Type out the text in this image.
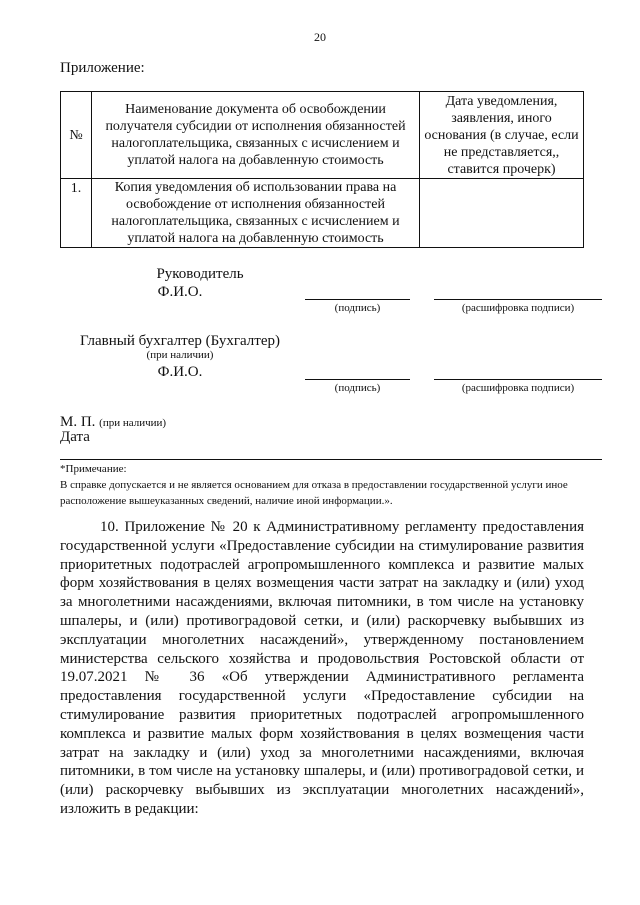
20
Приложение:
№	Наименование документа об освобождении получателя субсидии от исполнения обязанностей налогоплательщика, связанных с исчислением и уплатой налога на добавленную стоимость	Дата уведомления, заявления, иного основания (в случае, если не представляется,, ставится прочерк)
1.	Копия уведомления об использовании права на освобождение от исполнения обязанностей налогоплательщика, связанных с исчислением и уплатой налога на добавленную стоимость	
Руководитель
Ф.И.О.
(подпись)	(расшифровка подписи)
Главный бухгалтер (Бухгалтер)
(при наличии)
Ф.И.О.
(подпись)	(расшифровка подписи)
М. П. (при наличии)
Дата
*Примечание:
В справке допускается и не является основанием для отказа в предоставлении государственной услуги иное расположение вышеуказанных сведений, наличие иной информации.».
10. Приложение № 20 к Административному регламенту предоставления государственной услуги «Предоставление субсидии на стимулирование развития приоритетных подотраслей агропромышленного комплекса и развитие малых форм хозяйствования в целях возмещения части затрат на закладку и (или) уход за многолетними насаждениями, включая питомники, в том числе на установку шпалеры, и (или) противоградовой сетки, и (или) раскорчевку выбывших из эксплуатации многолетних насаждений», утвержденному постановлением министерства сельского хозяйства и продовольствия Ростовской области от 19.07.2021 № 36 «Об утверждении Административного регламента предоставления государственной услуги «Предоставление субсидии на стимулирование развития приоритетных подотраслей агропромышленного комплекса и развитие малых форм хозяйствования в целях возмещения части затрат на закладку и (или) уход за многолетними насаждениями, включая питомники, в том числе на установку шпалеры, и (или) противоградовой сетки, и (или) раскорчевку выбывших из эксплуатации многолетних насаждений», изложить в редакции:
